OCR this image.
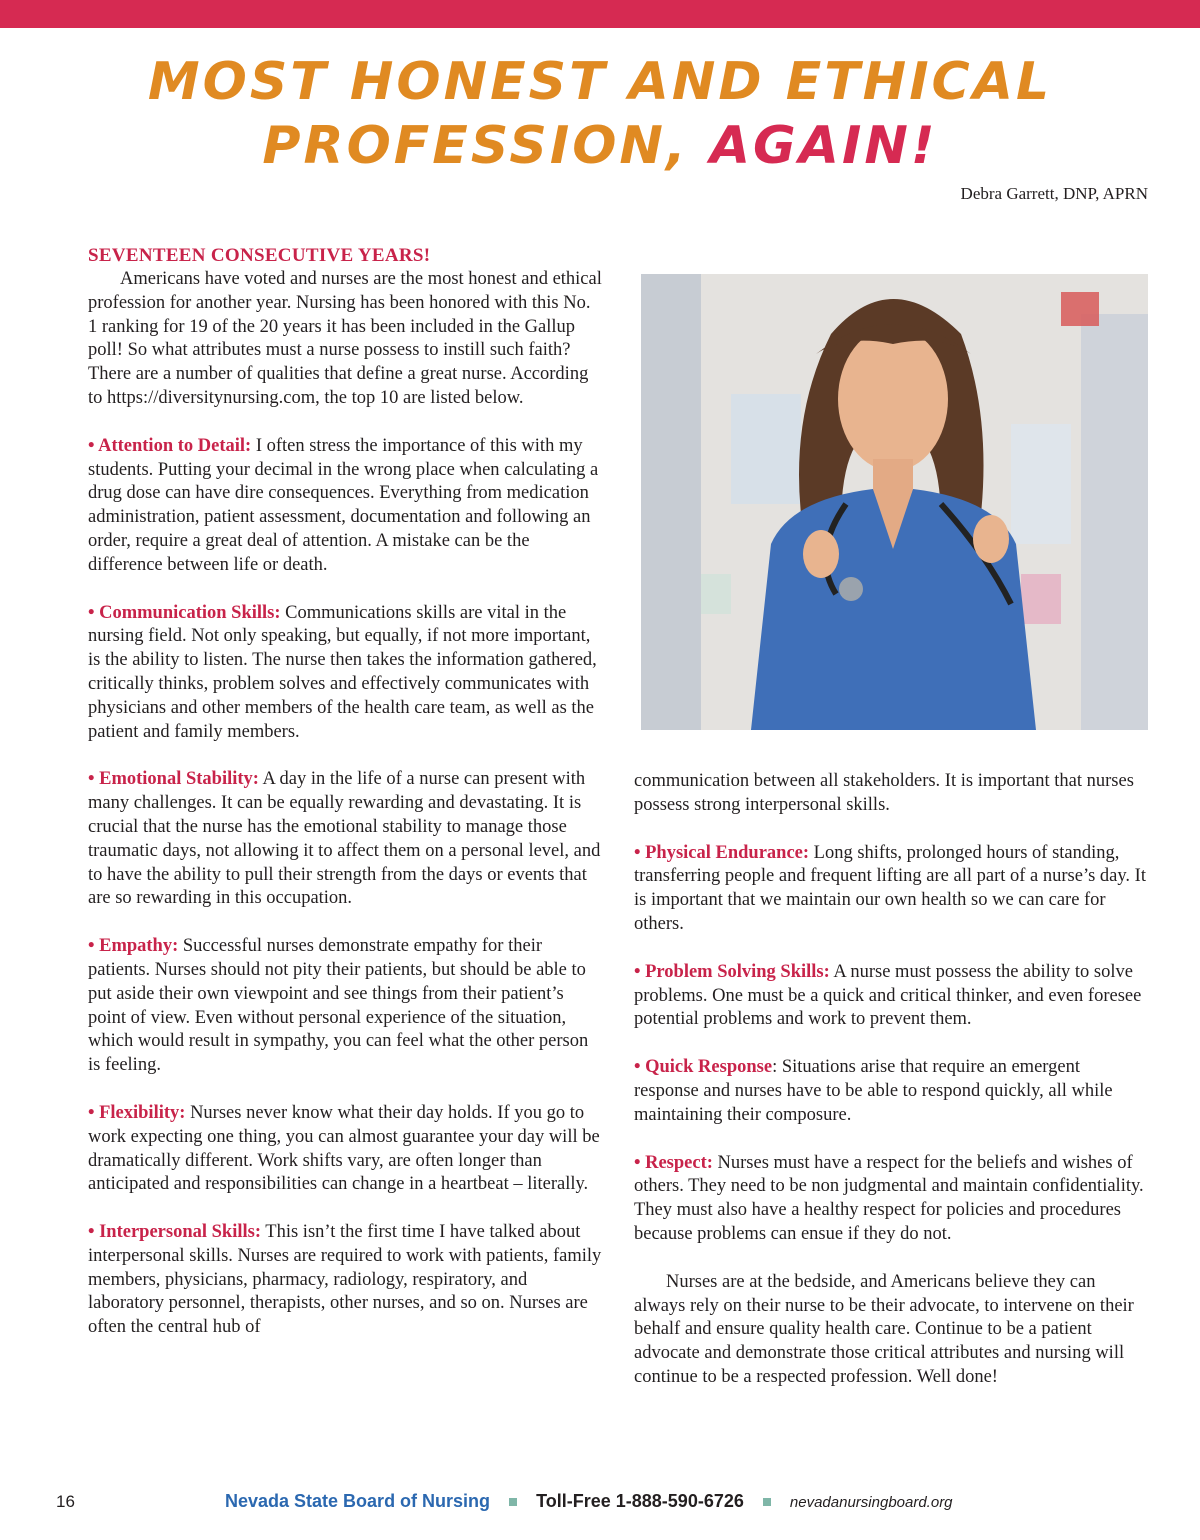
MOST HONEST AND ETHICAL
PROFESSION, AGAIN!
Debra Garrett, DNP, APRN
SEVENTEEN CONSECUTIVE YEARS!

Americans have voted and nurses are the most honest and ethical profession for another year. Nursing has been honored with this No. 1 ranking for 19 of the 20 years it has been included in the Gallup poll! So what attributes must a nurse possess to instill such faith? There are a number of qualities that define a great nurse. According to https://diversitynursing.com, the top 10 are listed below.

• Attention to Detail: I often stress the importance of this with my students. Putting your decimal in the wrong place when calculating a drug dose can have dire consequences. Everything from medication administration, patient assessment, documentation and following an order, require a great deal of attention. A mistake can be the difference between life or death.

• Communication Skills: Communications skills are vital in the nursing field. Not only speaking, but equally, if not more important, is the ability to listen. The nurse then takes the information gathered, critically thinks, problem solves and effectively communicates with physicians and other members of the health care team, as well as the patient and family members.

• Emotional Stability: A day in the life of a nurse can present with many challenges. It can be equally rewarding and devastating. It is crucial that the nurse has the emotional stability to manage those traumatic days, not allowing it to affect them on a personal level, and to have the ability to pull their strength from the days or events that are so rewarding in this occupation.

• Empathy: Successful nurses demonstrate empathy for their patients. Nurses should not pity their patients, but should be able to put aside their own viewpoint and see things from their patient’s point of view. Even without personal experience of the situation, which would result in sympathy, you can feel what the other person is feeling.

• Flexibility: Nurses never know what their day holds. If you go to work expecting one thing, you can almost guarantee your day will be dramatically different. Work shifts vary, are often longer than anticipated and responsibilities can change in a heartbeat – literally.

• Interpersonal Skills: This isn’t the first time I have talked about interpersonal skills. Nurses are required to work with patients, family members, physicians, pharmacy, radiology, respiratory, and laboratory personnel, therapists, other nurses, and so on. Nurses are often the central hub of

communication between all stakeholders. It is important that nurses possess strong interpersonal skills.

• Physical Endurance: Long shifts, prolonged hours of standing, transferring people and frequent lifting are all part of a nurse’s day. It is important that we maintain our own health so we can care for others.

• Problem Solving Skills: A nurse must possess the ability to solve problems. One must be a quick and critical thinker, and even foresee potential problems and work to prevent them.

• Quick Response: Situations arise that require an emergent response and nurses have to be able to respond quickly, all while maintaining their composure.

• Respect: Nurses must have a respect for the beliefs and wishes of others. They need to be non judgmental and maintain confidentiality.

They must also have a healthy respect for policies and procedures because problems can ensue if they do not.

Nurses are at the bedside, and Americans believe they can always rely on their nurse to be their advocate, to intervene on their behalf and ensure quality health care. Continue to be a patient advocate and demonstrate those critical attributes and nursing will continue to be a respected profession. Well done!

16	Nevada State Board of Nursing	Toll-Free 1-888-590-6726	nevadanursingboard.org
